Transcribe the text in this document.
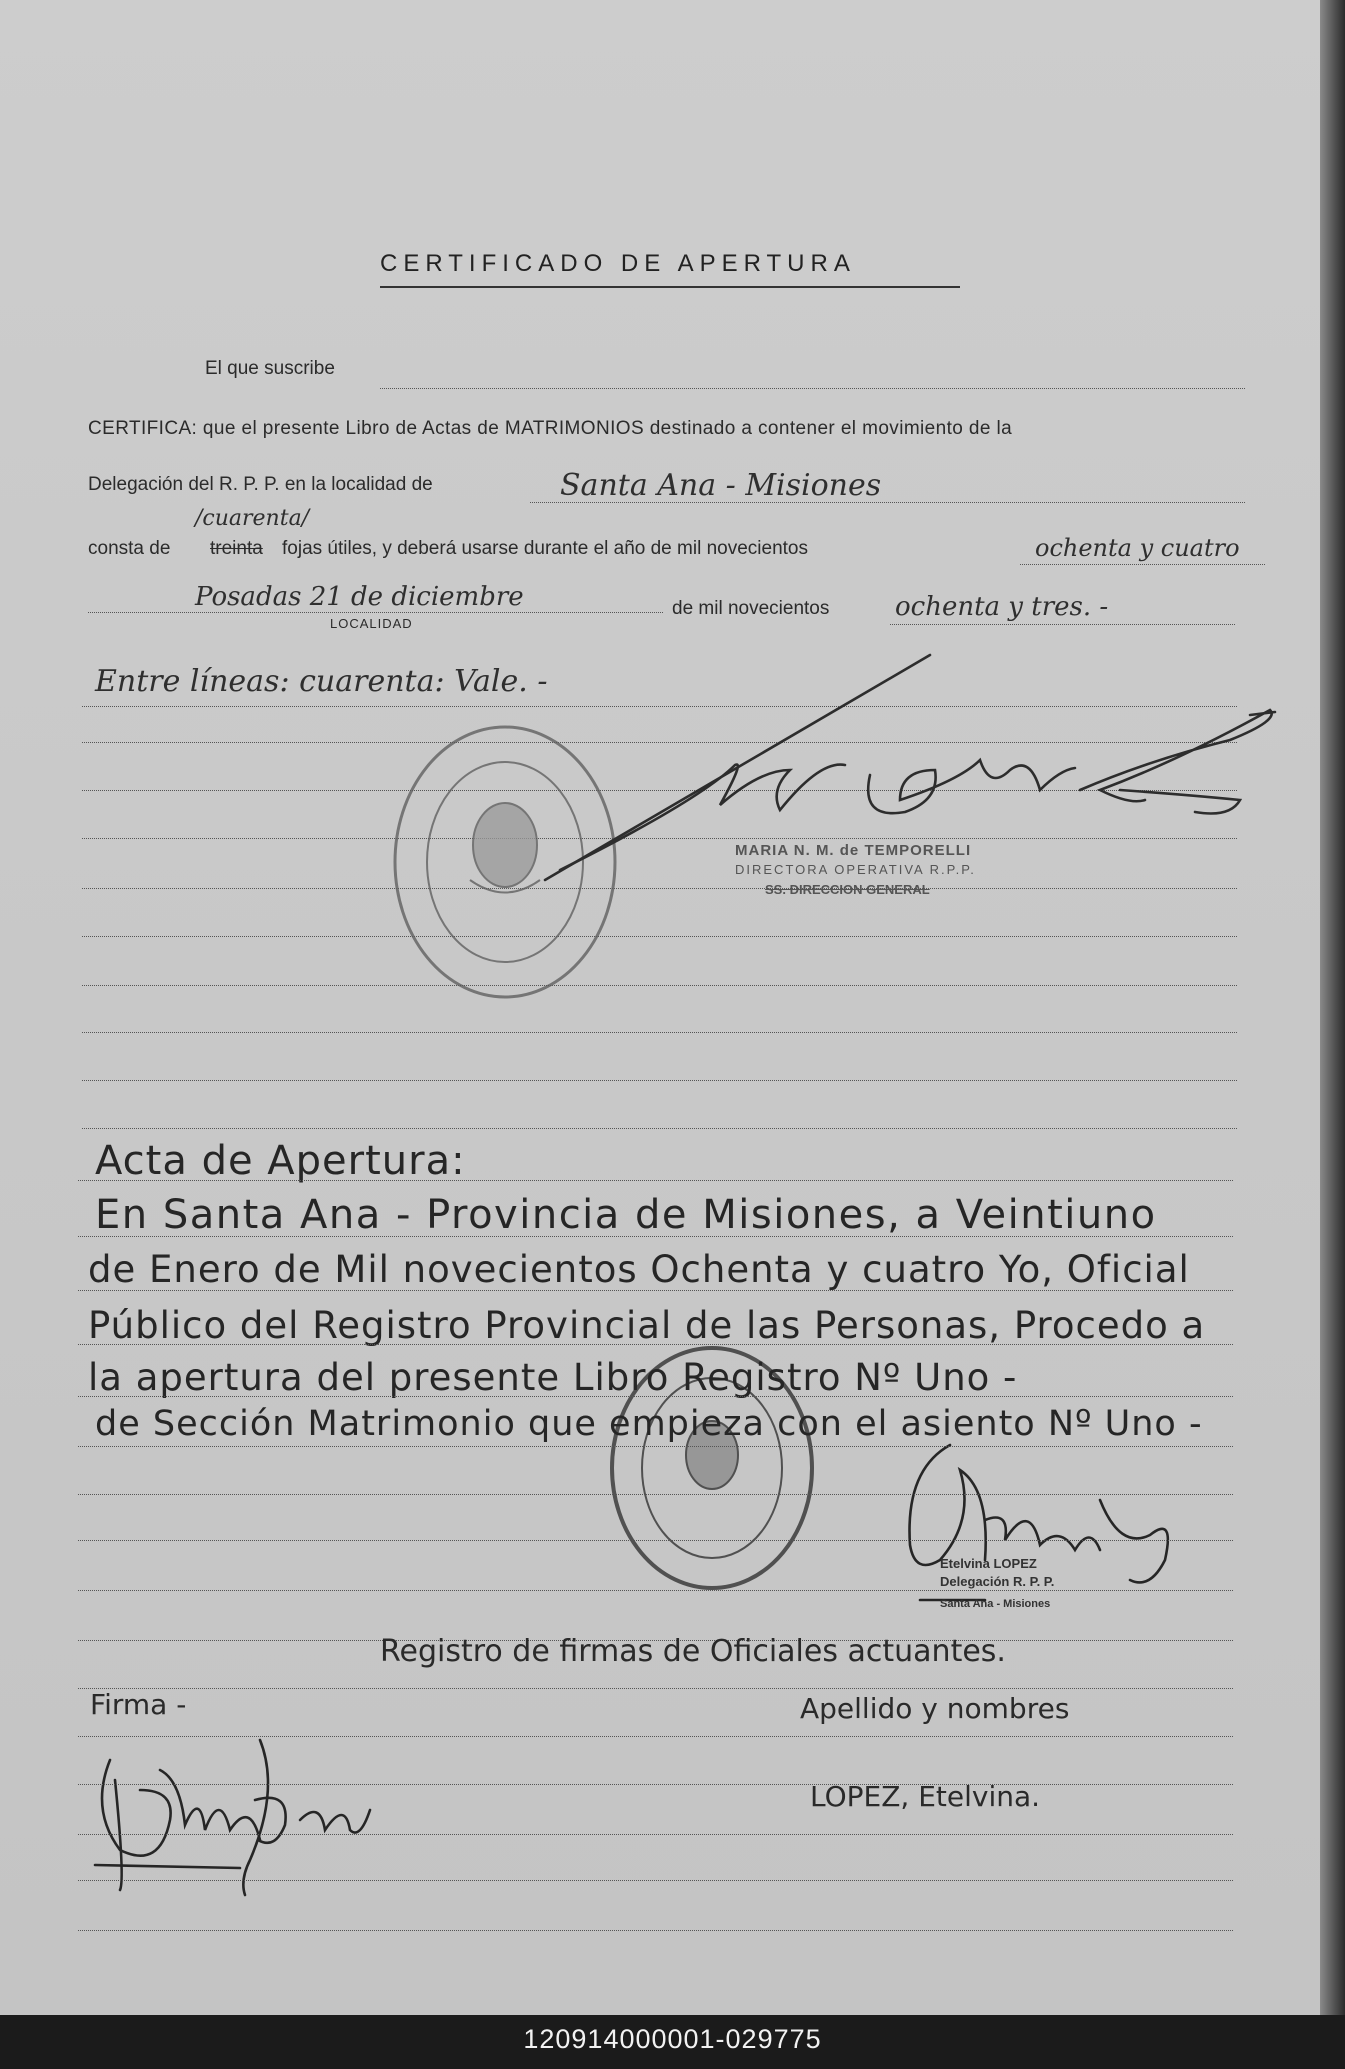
120914000001-029775
CERTIFICADO DE APERTURA
El que suscribe
CERTIFICA: que el presente Libro de Actas de MATRIMONIOS destinado a contener el movimiento de la
Delegación del R. P. P. en la localidad de	Santa Ana - Misiones
/cuarenta/
consta de treinta fojas útiles, y deberá usarse durante el año de mil novecientos	ochenta y cuatro
Posadas 21 de diciembre
LOCALIDAD
de mil novecientos	ochenta y tres. -
Entre líneas: cuarenta: Vale. -
MARIA N. M. de TEMPORELLI
DIRECTORA OPERATIVA R.P.P.
SS. DIRECCION GENERAL
Acta de Apertura:
En Santa Ana - Provincia de Misiones, a Veintiuno
de Enero de Mil novecientos Ochenta y cuatro Yo, Oficial
Público del Registro Provincial de las Personas, Procedo a
la apertura del presente Libro Registro Nº Uno -
de Sección Matrimonio que empieza con el asiento Nº Uno -
Etelvina LOPEZ
Delegación R. P. P.
Santa Ana - Misiones
Registro de firmas de Oficiales actuantes.
Firma -	Apellido y nombres
LOPEZ, Etelvina.
